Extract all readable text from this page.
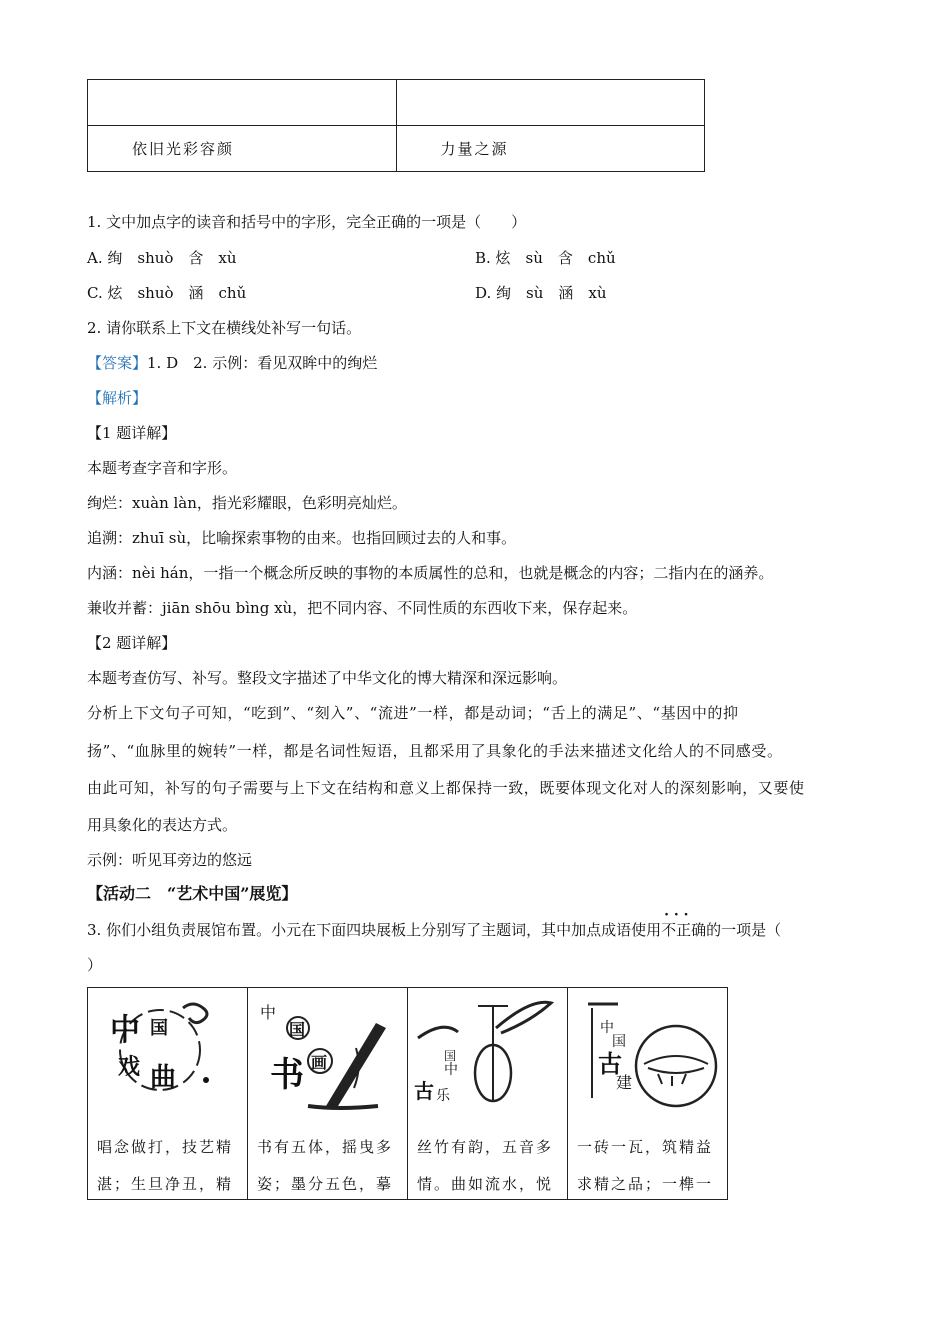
依旧光彩容颜	力量之源
1. 文中加点字的读音和括号中的字形，完全正确的一项是（　　）
A. 绚　shuò　含　xù	B. 炫　sù　含　chǔ
C. 炫　shuò　涵　chǔ	D. 绚　sù　涵　xù
2. 请你联系上下文在横线处补写一句话。
【答案】1. D　2. 示例：看见双眸中的绚烂
【解析】
【1 题详解】
本题考查字音和字形。
绚烂：xuàn làn，指光彩耀眼，色彩明亮灿烂。
追溯：zhuī sù，比喻探索事物的由来。也指回顾过去的人和事。
内涵：nèi hán，一指一个概念所反映的事物的本质属性的总和，也就是概念的内容；二指内在的涵养。
兼收并蓄：jiān shōu bìng xù，把不同内容、不同性质的东西收下来，保存起来。
【2 题详解】
本题考查仿写、补写。整段文字描述了中华文化的博大精深和深远影响。
分析上下文句子可知，“吃到”、“刻入”、“流进”一样，都是动词；“舌上的满足”、“基因中的抑
扬”、“血脉里的婉转”一样，都是名词性短语，且都采用了具象化的手法来描述文化给人的不同感受。
由此可知，补写的句子需要与上下文在结构和意义上都保持一致，既要体现文化对人的深刻影响，又要使
用具象化的表达方式。
示例：听见耳旁边的悠远
【活动二　“艺术中国”展览】
3. 你们小组负责展馆布置。小元在下面四块展板上分别写了主题词，其中加点成语使用· · · 不正确的一项是（
）
中 国
戏 曲
唱念做打，技艺精
湛；生旦净丑，精

中
国
书 画
书有五体，摇曳多
姿；墨分五色，摹

古 乐
中
国
丝竹有韵，五音多
情。曲如流水，悦

中
国
古
建
一砖一瓦，筑精益
求精之品；一榫一
